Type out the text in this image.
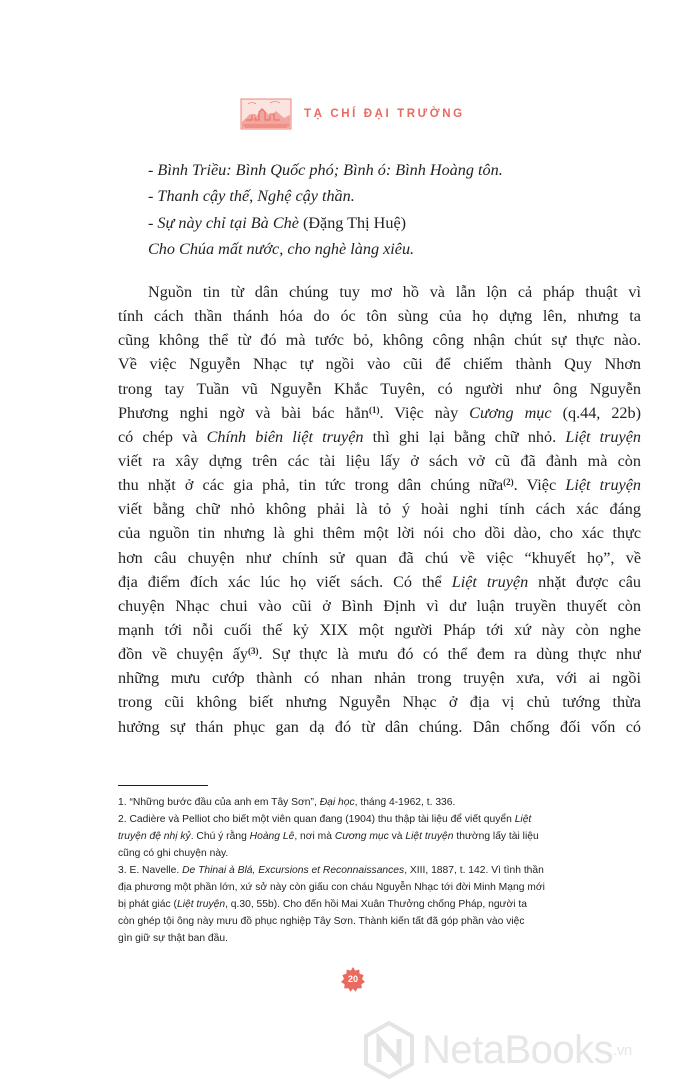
TẠ CHÍ ĐẠI TRƯỜNG
- Bình Triều: Bình Quốc phó; Bình ó: Bình Hoàng tôn.
- Thanh cậy thế, Nghệ cậy thần.
- Sự này chỉ tại Bà Chè (Đặng Thị Huệ)
Cho Chúa mất nước, cho nghè làng xiêu.
Nguồn tin từ dân chúng tuy mơ hồ và lẫn lộn cả pháp thuật vì
tính cách thần thánh hóa do óc tôn sùng của họ dựng lên, nhưng ta
cũng không thể từ đó mà tước bỏ, không công nhận chút sự thực nào.
Về việc Nguyễn Nhạc tự ngồi vào cũi để chiếm thành Quy Nhơn
trong tay Tuần vũ Nguyễn Khắc Tuyên, có người như ông Nguyễn
Phương nghi ngờ và bài bác hẳn$^{(1)}$. Việc này Cương mục (q.44, 22b)
có chép và Chính biên liệt truyện thì ghi lại bằng chữ nhỏ. Liệt truyện
viết ra xây dựng trên các tài liệu lấy ở sách vở cũ đã đành mà còn
thu nhặt ở các gia phả, tin tức trong dân chúng nữa$^{(2)}$. Việc Liệt truyện
viết bằng chữ nhỏ không phải là tỏ ý hoài nghi tính cách xác đáng
của nguồn tin nhưng là ghi thêm một lời nói cho dồi dào, cho xác thực
hơn câu chuyện như chính sử quan đã chú về việc “khuyết họ”, về
địa điểm đích xác lúc họ viết sách. Có thể Liệt truyện nhặt được câu
chuyện Nhạc chui vào cũi ở Bình Định vì dư luận truyền thuyết còn
mạnh tới nỗi cuối thế kỷ XIX một người Pháp tới xứ này còn nghe
đồn về chuyện ấy$^{(3)}$. Sự thực là mưu đó có thể đem ra dùng thực như
những mưu cướp thành có nhan nhản trong truyện xưa, với ai ngồi
trong cũi không biết nhưng Nguyễn Nhạc ở địa vị chủ tướng thừa
hưởng sự thán phục gan dạ đó từ dân chúng. Dân chống đối vốn có
1. “Những bước đầu của anh em Tây Sơn”, Đại học, tháng 4-1962, t. 336.
2. Cadière và Pelliot cho biết một viên quan đang (1904) thu thập tài liệu để viết quyển Liệt
truyện đệ nhị kỷ. Chú ý rằng Hoàng Lê, nơi mà Cương mục và Liệt truyện thường lấy tài liệu
cũng có ghi chuyện này.
3. E. Navelle. De Thinai à Blá, Excursions et Reconnaissances, XIII, 1887, t. 142. Vì tình thần
địa phương một phần lớn, xứ sở này còn giấu con cháu Nguyễn Nhạc tới đời Minh Mạng mới
bị phát giác (Liệt truyện, q.30, 55b). Cho đến hồi Mai Xuân Thưởng chống Pháp, người ta
còn ghép tội ông này mưu đồ phục nghiệp Tây Sơn. Thành kiến tất đã góp phần vào việc
gìn giữ sự thật ban đầu.
20
NetaBooks .vn
